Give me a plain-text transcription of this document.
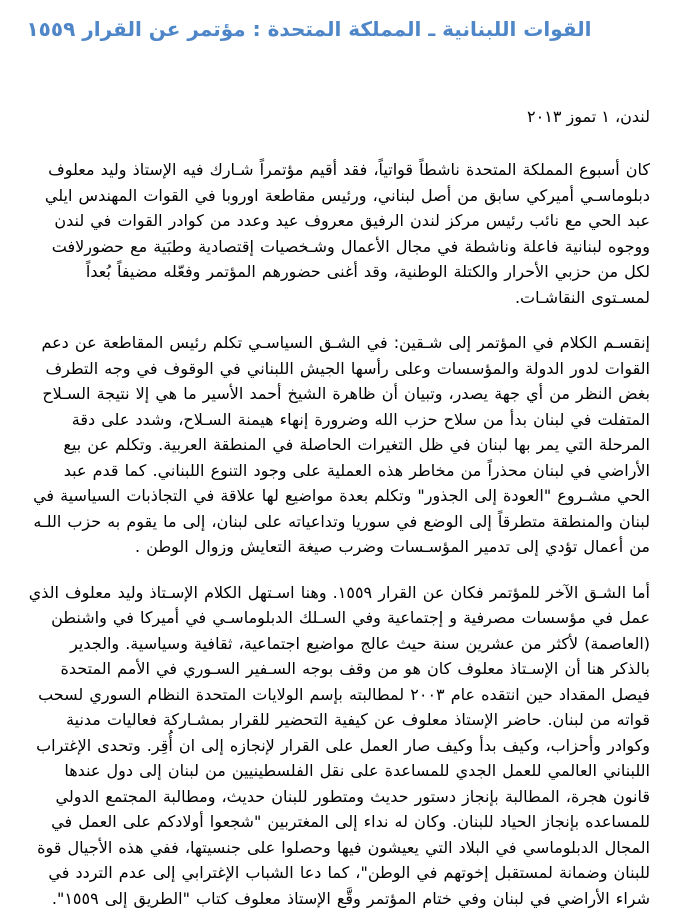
القوات اللبنانية ـ المملكة المتحدة : مؤتمر عن القرار ١٥٥٩

لندن، ١ تموز ٢٠١٣

كان أسبوع المملكة المتحدة ناشطاً قواتياً، فقد أقيم مؤتمراً شـارك فيه الإستاذ وليد معلوف دبلوماسـي أميركي سابق من أصل لبناني، ورئيس مقاطعة اوروبا في القوات المهندس ايلي عبد الحي مع نائب رئيس مركز لندن الرفيق معروف عيد وعدد من كوادر القوات في لندن ووجوه لبنانية فاعلة وناشطة في مجال الأعمال وشـخصيات إقتصادية وطبَية مع حضورلافت لكل من حزبي الأحرار والكتلة الوطنية، وقد أغنى حضورهم المؤتمر وفعّله مضيفاً بُعداً لمسـتوى النقاشـات.

إنقسـم الكلام في المؤتمر إلى شـقين: في الشـق السياسـي تكلم رئيس المقاطعة عن دعم القوات لدور الدولة والمؤسسات وعلى رأسها الجيش اللبناني في الوقوف في وجه التطرف بغض النظر من أي جهة يصدر، وتبيان أن ظاهرة الشيخ أحمد الأسير ما هي إلا نتيجة السـلاح المتفلت في لبنان بدأ من سلاح حزب الله وضرورة إنهاء هيمنة السـلاح، وشدد على دقة المرحلة التي يمر بها لبنان في ظل التغيرات الحاصلة في المنطقة العربية. وتكلم عن بيع الأراضي في لبنان محذراً من مخاطر هذه العملية على وجود التنوع اللبناني. كما قدم عبد الحي مشـروع "العودة إلى الجذور" وتكلم بعدة مواضيع لها علاقة في التجاذبات السياسية في لبنان والمنطقة متطرقاً إلى الوضع في سوريا وتداعياته على لبنان، إلى ما يقوم به حزب اللـه من أعمال تؤدي إلى تدمير المؤسـسات وضرب صيغة التعايش وزوال الوطن .

أما الشـق الآخر للمؤتمر فكان عن القرار ١٥٥٩. وهنا اسـتهل الكلام الإسـتاذ وليد معلوف الذي عمل في مؤسسات مصرفية و إجتماعية وفي السـلك الدبلوماسـي في أميركا في واشنطن (العاصمة) لأكثر من عشرين سنة حيث عالج مواضيع اجتماعية، ثقافية وسياسية. والجدير بالذكر هنا أن الإسـتاذ معلوف كان هو من وقف بوجه السـفير السـوري في الأمم المتحدة فيصل المقداد حين انتقده عام ٢٠٠٣ لمطالبته بإسم الولايات المتحدة النظام السوري لسحب قواته من لبنان. حاضر الإستاذ معلوف عن كيفية التحضير للقرار بمشـاركة فعاليات مدنية وكوادر وأحزاب، وكيف بدأ وكيف صار العمل على القرار لإنجازه إلى ان أُقِر. وتحدى الإغتراب اللبناني العالمي للعمل الجدي للمساعدة على نقل الفلسطينيين من لبنان إلى دول عندها قانون هجرة، المطالبة بإنجاز دستور حديث ومتطور للبنان حديث، ومطالبة المجتمع الدولي للمساعده بإنجاز الحياد للبنان. وكان له نداء إلى المغتربين "شجعوا أولادكم على العمل في المجال الدبلوماسي في البلاد التي يعيشون فيها وحصلوا على جنسيتها، ففي هذه الأجيال قوة للبنان وضمانة لمستقبل إخوتهم في الوطن"، كما دعا الشباب الإغترابي إلى عدم التردد في شراء الأراضي في لبنان وفي ختام المؤتمر وقَّع الإستاذ معلوف كتاب "الطريق إلى ١٥٥٩".
